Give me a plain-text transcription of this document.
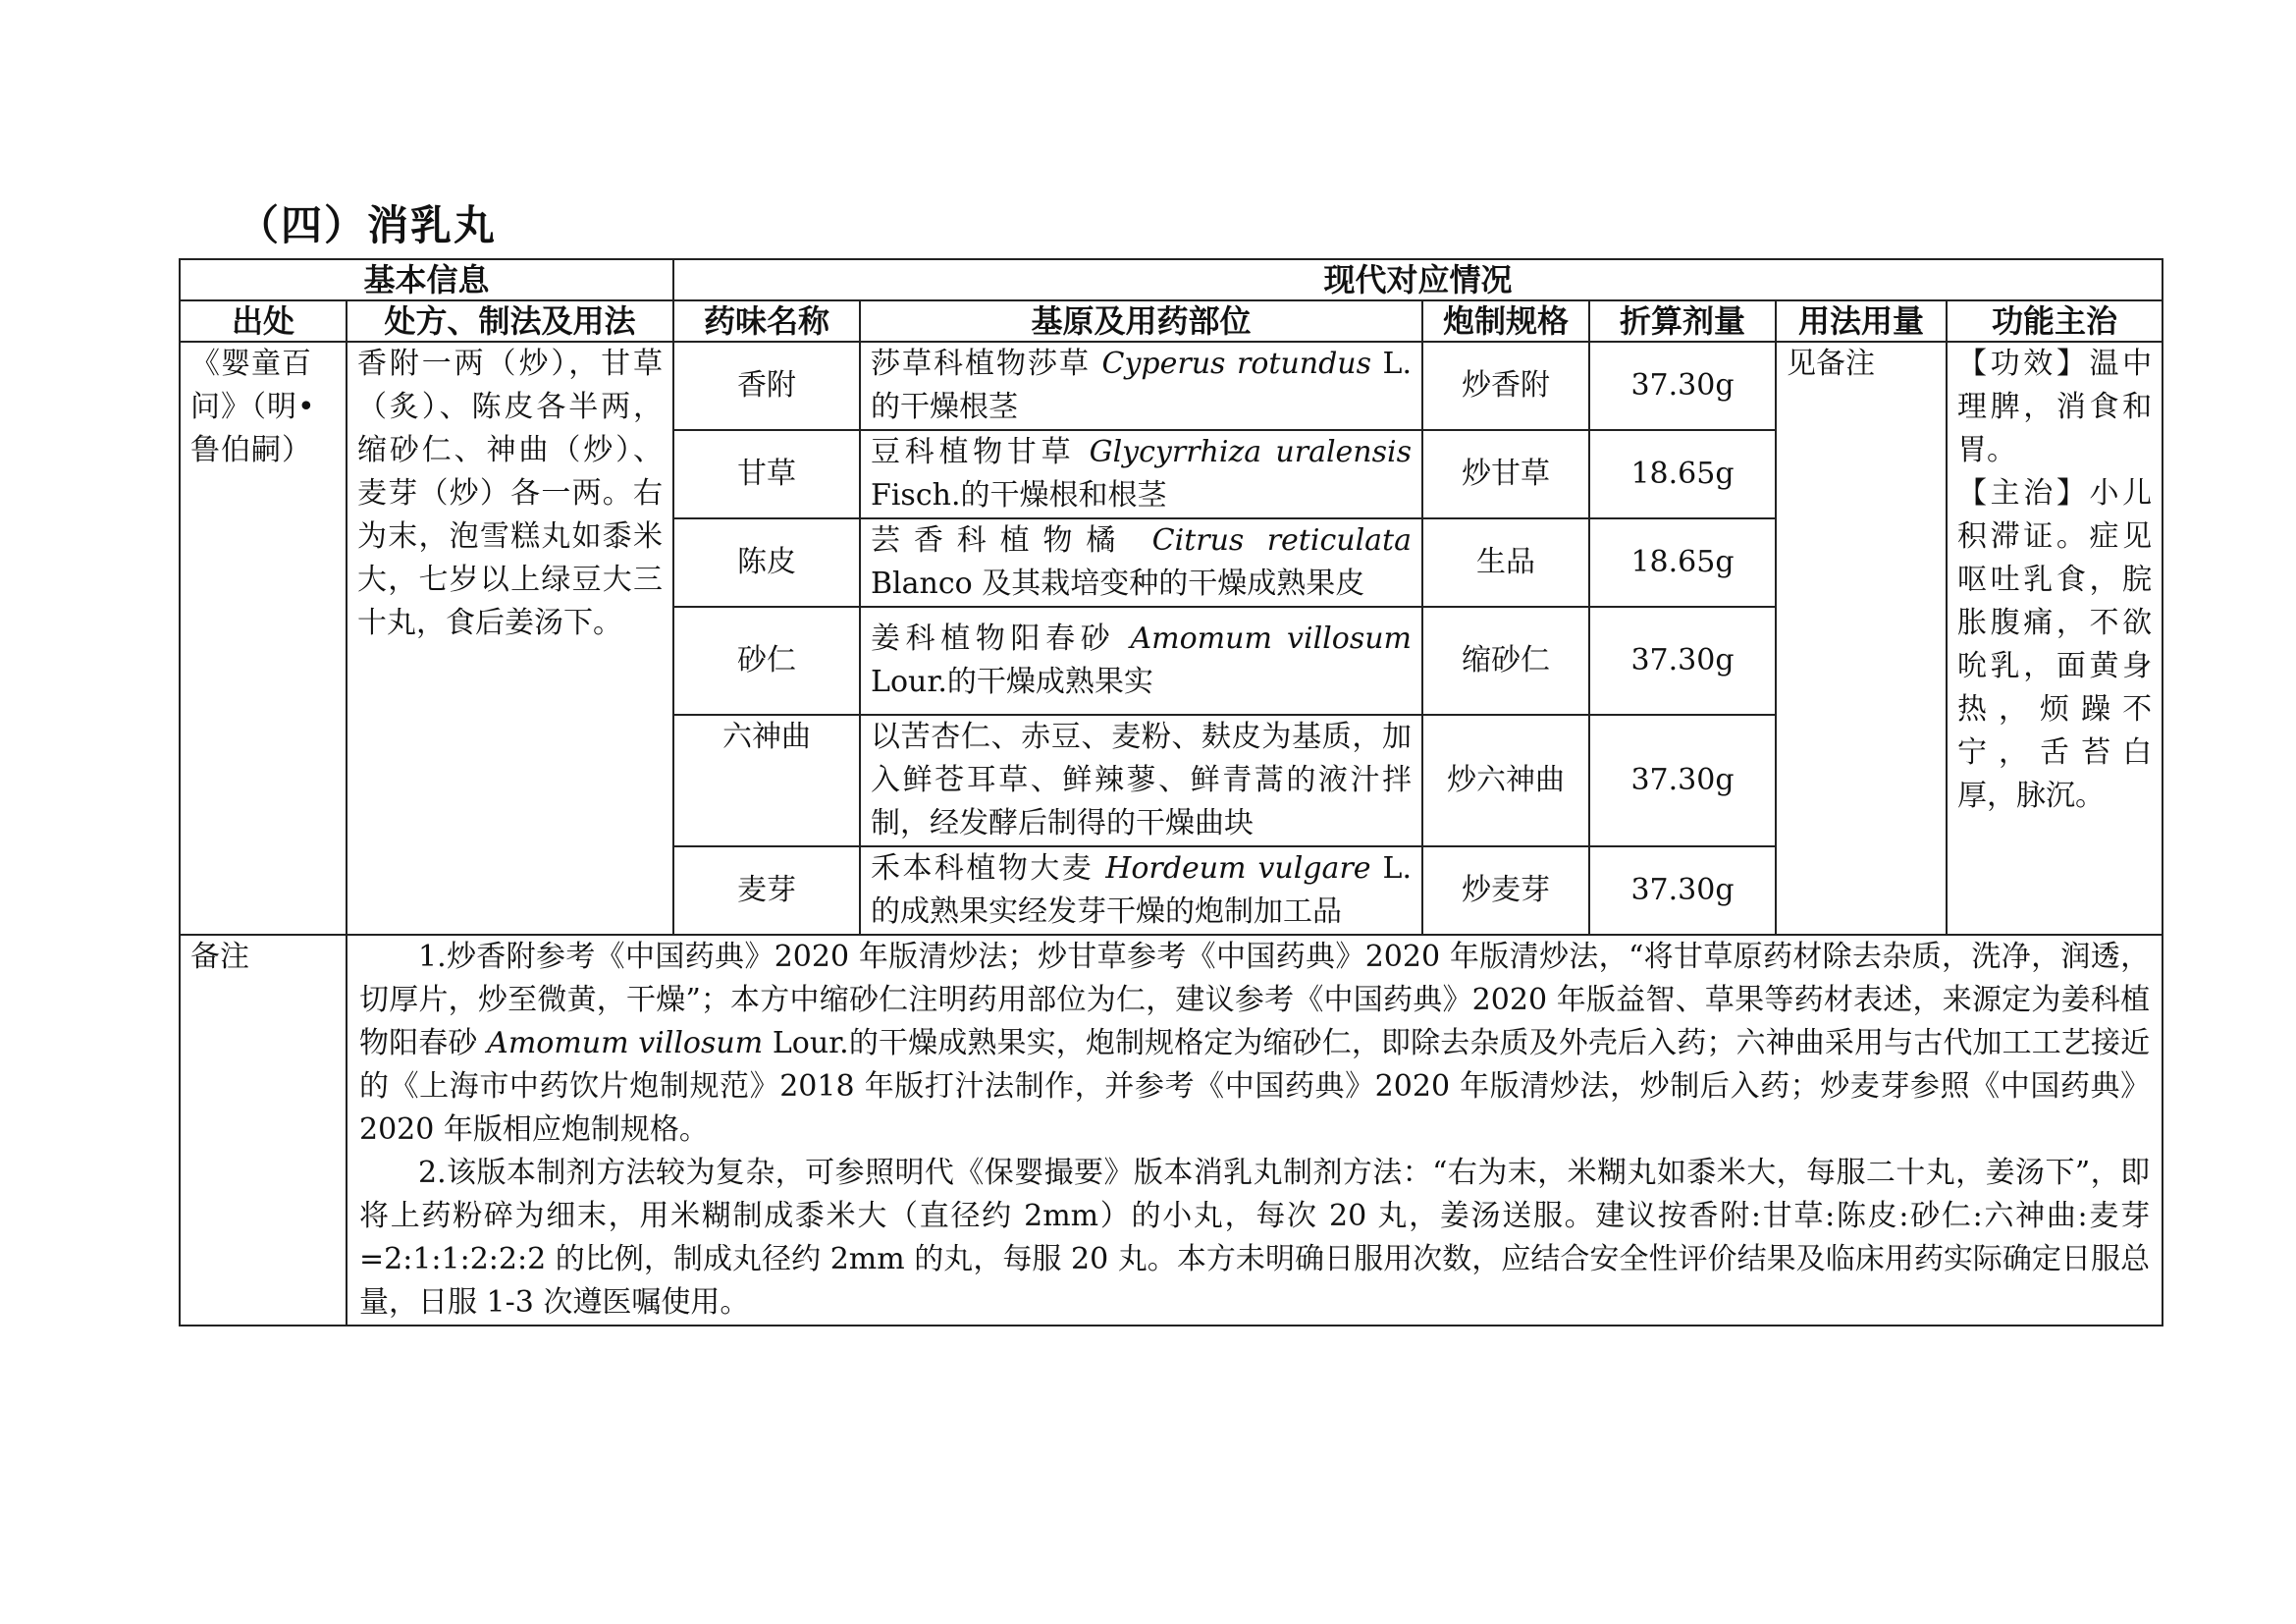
（四）消乳丸
基本信息		现代对应情况					
出处	处方、制法及用法	药味名称	基原及用药部位	炮制规格	折算剂量	用法用量	功能主治
《婴童百问》（明•鲁伯嗣）	香附一两（炒），甘草（炙）、陈皮各半两，缩砂仁、神曲（炒）、麦芽（炒）各一两。右为末，泡雪糕丸如黍米大，七岁以上绿豆大三十丸，食后姜汤下。	香附	莎草科植物莎草 Cyperus rotundus L.的干燥根茎	炒香附	37.30g	见备注	【功效】温中理脾，消食和胃。
【主治】小儿积滞证。症见呕吐乳食，脘胀腹痛，不欲吮乳，面黄身热，烦躁不宁，舌苔白厚，脉沉。
		甘草	豆科植物甘草 Glycyrrhiza uralensis Fisch.的干燥根和根茎	炒甘草	18.65g		
		陈皮	芸香科植物橘 Citrus reticulata Blanco 及其栽培变种的干燥成熟果皮	生品	18.65g		
		砂仁	姜科植物阳春砂 Amomum villosum Lour.的干燥成熟果实	缩砂仁	37.30g		
		六神曲	以苦杏仁、赤豆、麦粉、麸皮为基质，加入鲜苍耳草、鲜辣蓼、鲜青蒿的液汁拌制，经发酵后制得的干燥曲块	炒六神曲	37.30g		
		麦芽	禾本科植物大麦 Hordeum vulgare L.的成熟果实经发芽干燥的炮制加工品	炒麦芽	37.30g		
备注	1.炒香附参考《中国药典》2020 年版清炒法；炒甘草参考《中国药典》2020 年版清炒法，“将甘草原药材除去杂质，洗净，润透，切厚片，炒至微黄，干燥”；本方中缩砂仁注明药用部位为仁，建议参考《中国药典》2020 年版益智、草果等药材表述，来源定为姜科植物阳春砂 Amomum villosum Lour.的干燥成熟果实，炮制规格定为缩砂仁，即除去杂质及外壳后入药；六神曲采用与古代加工工艺接近的《上海市中药饮片炮制规范》2018 年版打汁法制作，并参考《中国药典》2020 年版清炒法，炒制后入药；炒麦芽参照《中国药典》2020 年版相应炮制规格。

2.该版本制剂方法较为复杂，可参照明代《保婴撮要》版本消乳丸制剂方法：“右为末，米糊丸如黍米大，每服二十丸，姜汤下”，即将上药粉碎为细末，用米糊制成黍米大（直径约 2mm）的小丸，每次 20 丸，姜汤送服。建议按香附:甘草:陈皮:砂仁:六神曲:麦芽=2:1:1:2:2:2 的比例，制成丸径约 2mm 的丸，每服 20 丸。本方未明确日服用次数，应结合安全性评价结果及临床用药实际确定日服总量，日服 1-3 次遵医嘱使用。						
